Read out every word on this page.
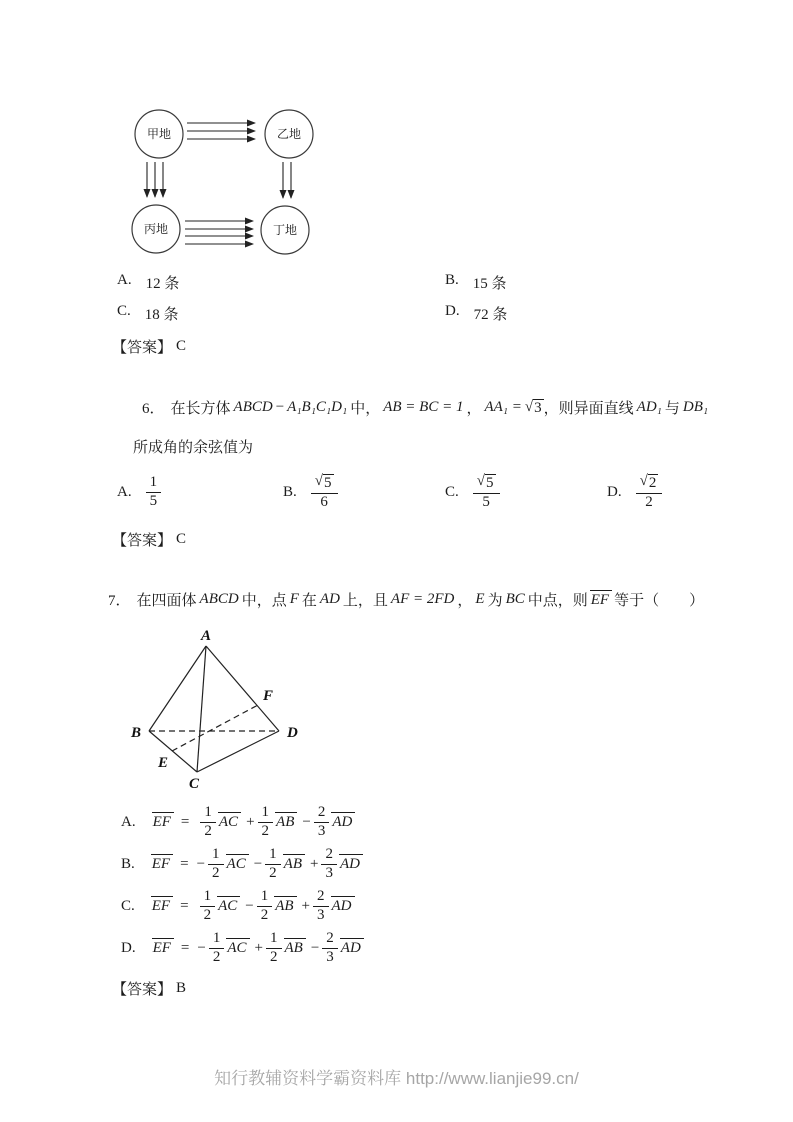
甲地	乙地
丙地	丁地
A. 12 条	B. 15 条
C. 18 条	D. 72 条
【答案】 C
6． 在长方体 ABCD − A₁B₁C₁D₁ 中， AB = BC = 1 ， AA₁ = √ 3 ，则异面直线 AD₁ 与 DB₁
所成角的余弦值为
A. $\frac{1}{5}$	B. $\frac{√ 5}{6}$	C. $\frac{√ 5}{5}$	D. $\frac{√ 2}{2}$
【答案】 C
7． 在四面体 ABCD 中，点 F 在 AD 上，且 AF = 2FD ， E 为 BC 中点，则 EF 等于（　　）
A
B
C
D
E
F
A. EF = $\frac{1}{2}$ AC + $\frac{1}{2}$ AB − $\frac{2}{3}$ AD
B. EF = − $\frac{1}{2}$ AC − $\frac{1}{2}$ AB + $\frac{2}{3}$ AD
C. EF = $\frac{1}{2}$ AC − $\frac{1}{2}$ AB + $\frac{2}{3}$ AD
D. EF = − $\frac{1}{2}$ AC + $\frac{1}{2}$ AB − $\frac{2}{3}$ AD
【答案】 B
知行教辅资料学霸资料库 http://www.lianjie99.cn/
